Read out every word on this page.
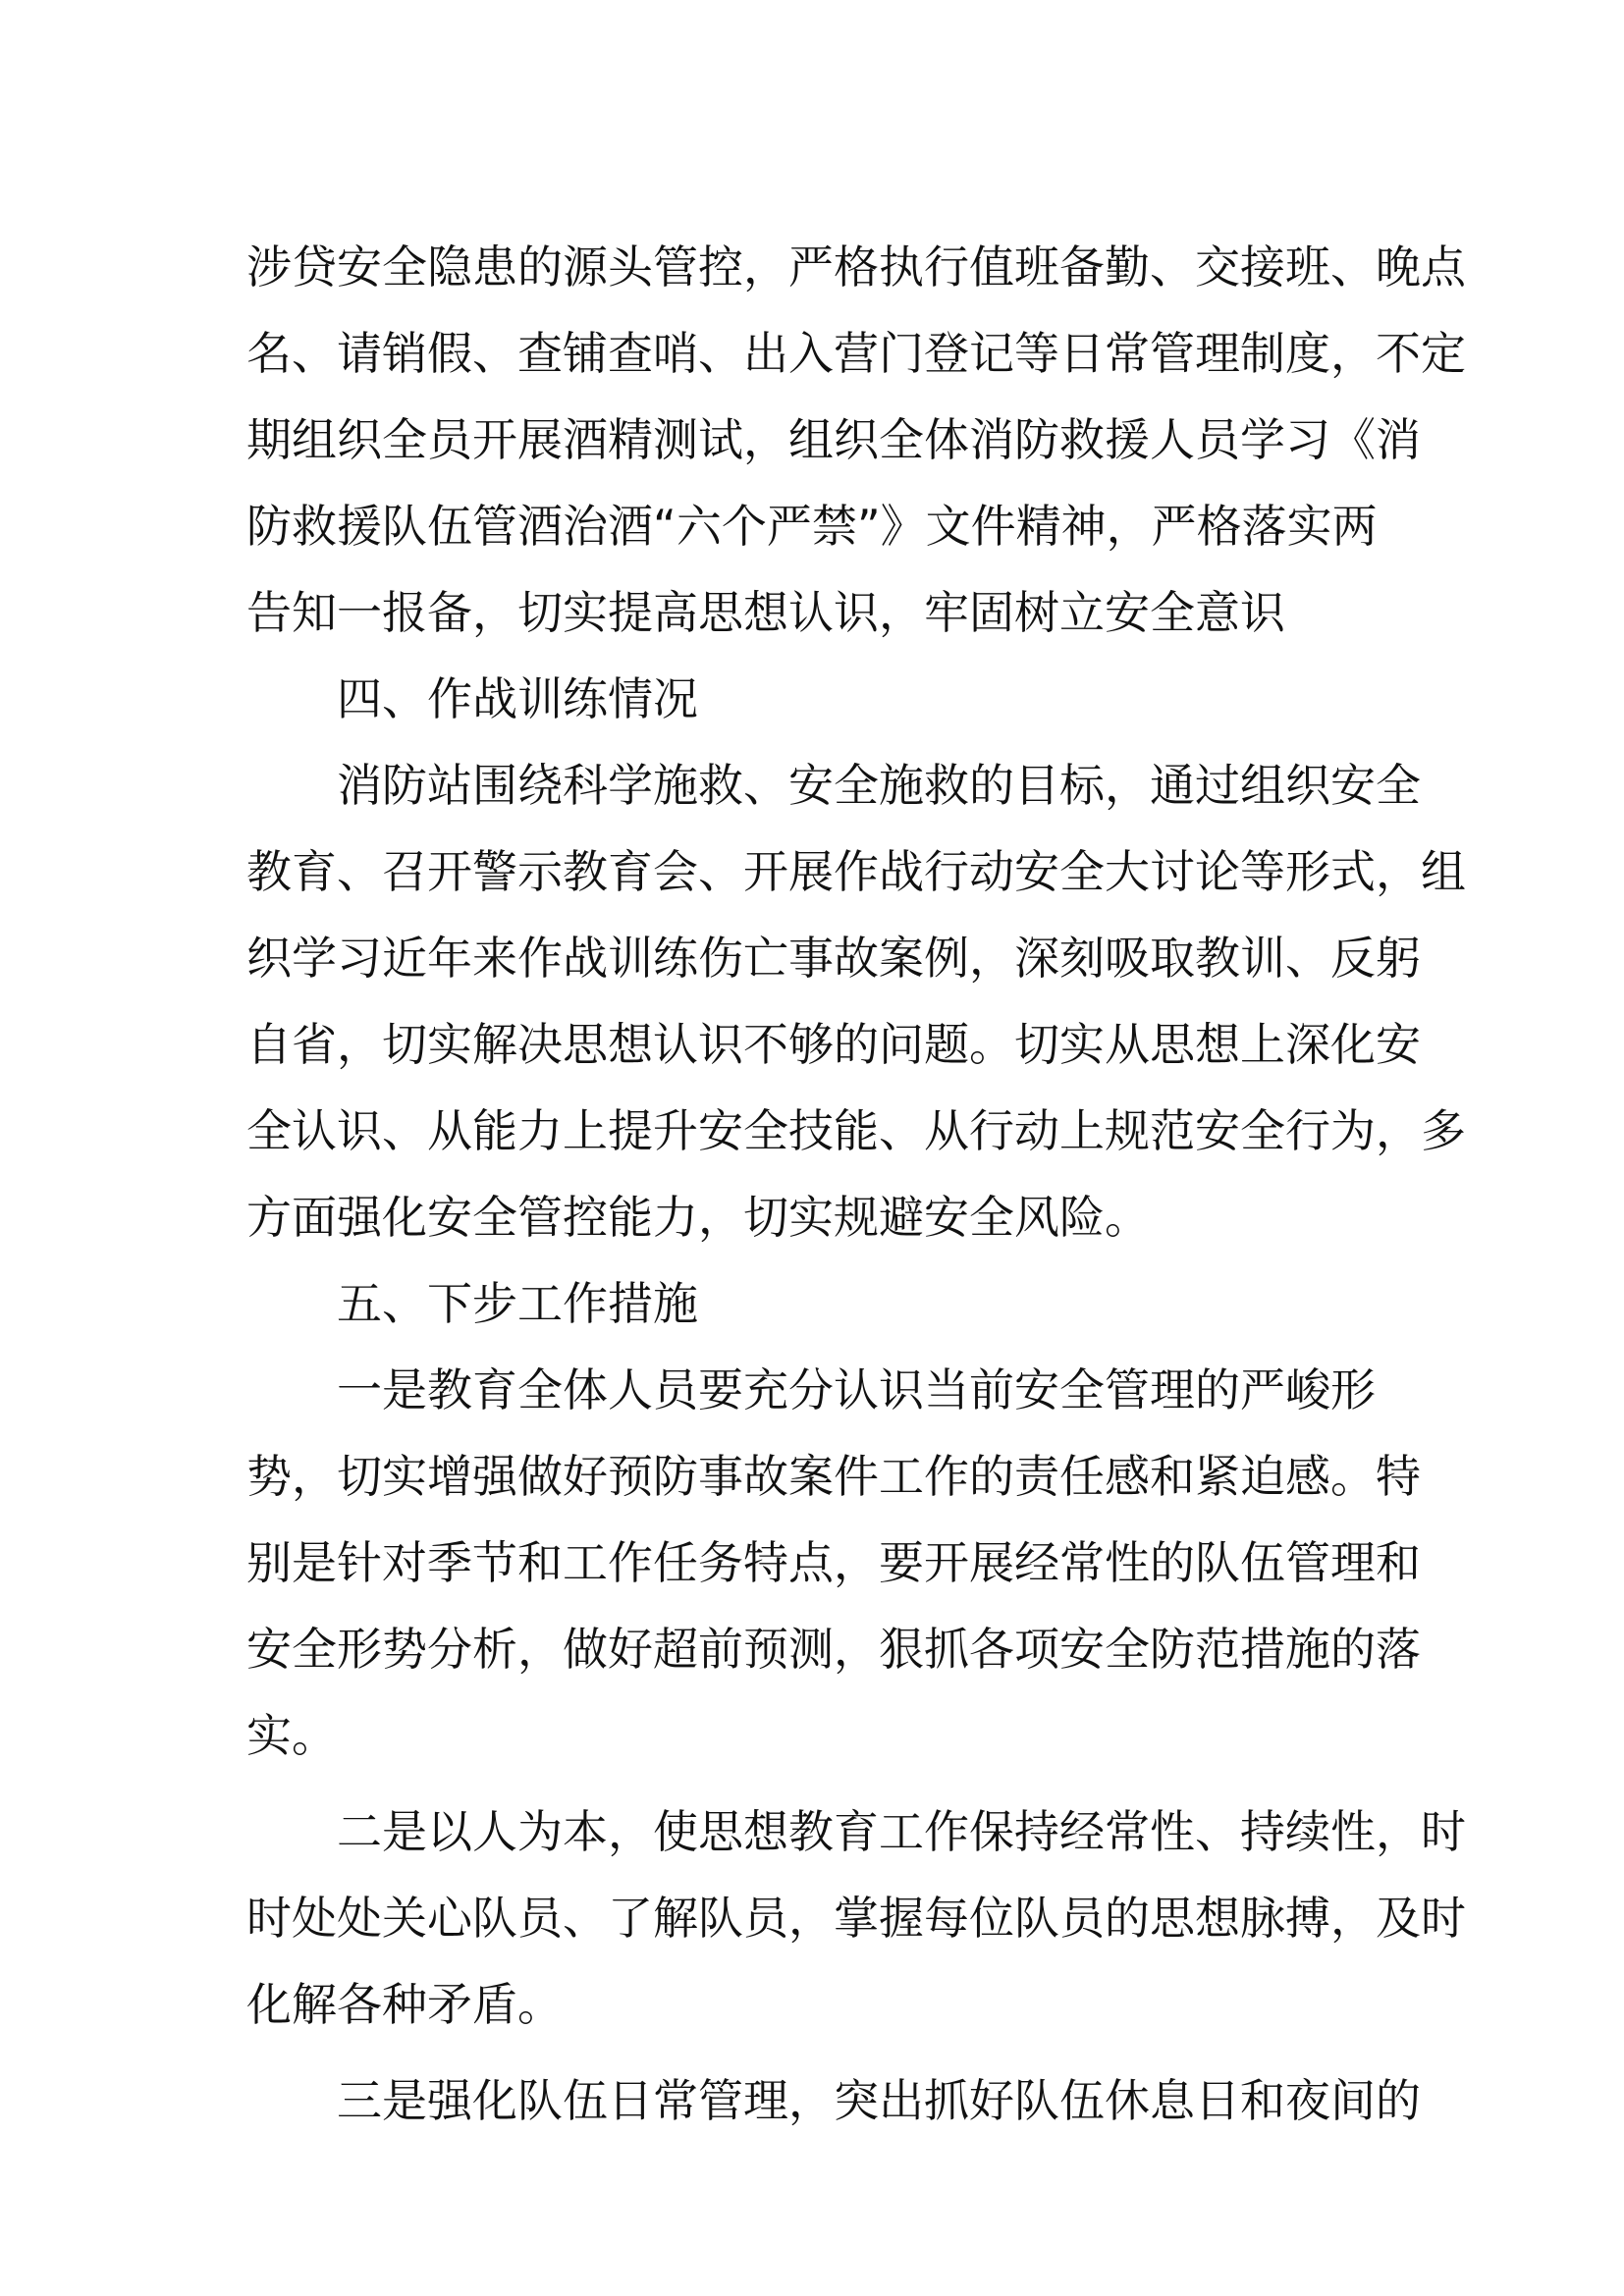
涉贷安全隐患的源头管控，严格执行值班备勤、交接班、晚点
名、请销假、查铺查哨、出入营门登记等日常管理制度，不定
期组织全员开展酒精测试，组织全体消防救援人员学习《消
防救援队伍管酒治酒“六个严禁”》文件精神，严格落实两
告知一报备，切实提高思想认识，牢固树立安全意识
四、作战训练情况
消防站围绕科学施救、安全施救的目标，通过组织安全
教育、召开警示教育会、开展作战行动安全大讨论等形式，组
织学习近年来作战训练伤亡事故案例，深刻吸取教训、反躬
自省，切实解决思想认识不够的问题。切实从思想上深化安
全认识、从能力上提升安全技能、从行动上规范安全行为，多
方面强化安全管控能力，切实规避安全风险。
五、下步工作措施
一是教育全体人员要充分认识当前安全管理的严峻形
势，切实增强做好预防事故案件工作的责任感和紧迫感。特
别是针对季节和工作任务特点，要开展经常性的队伍管理和
安全形势分析，做好超前预测，狠抓各项安全防范措施的落
实。
二是以人为本，使思想教育工作保持经常性、持续性，时
时处处关心队员、了解队员，掌握每位队员的思想脉搏，及时
化解各种矛盾。
三是强化队伍日常管理，突出抓好队伍休息日和夜间的
